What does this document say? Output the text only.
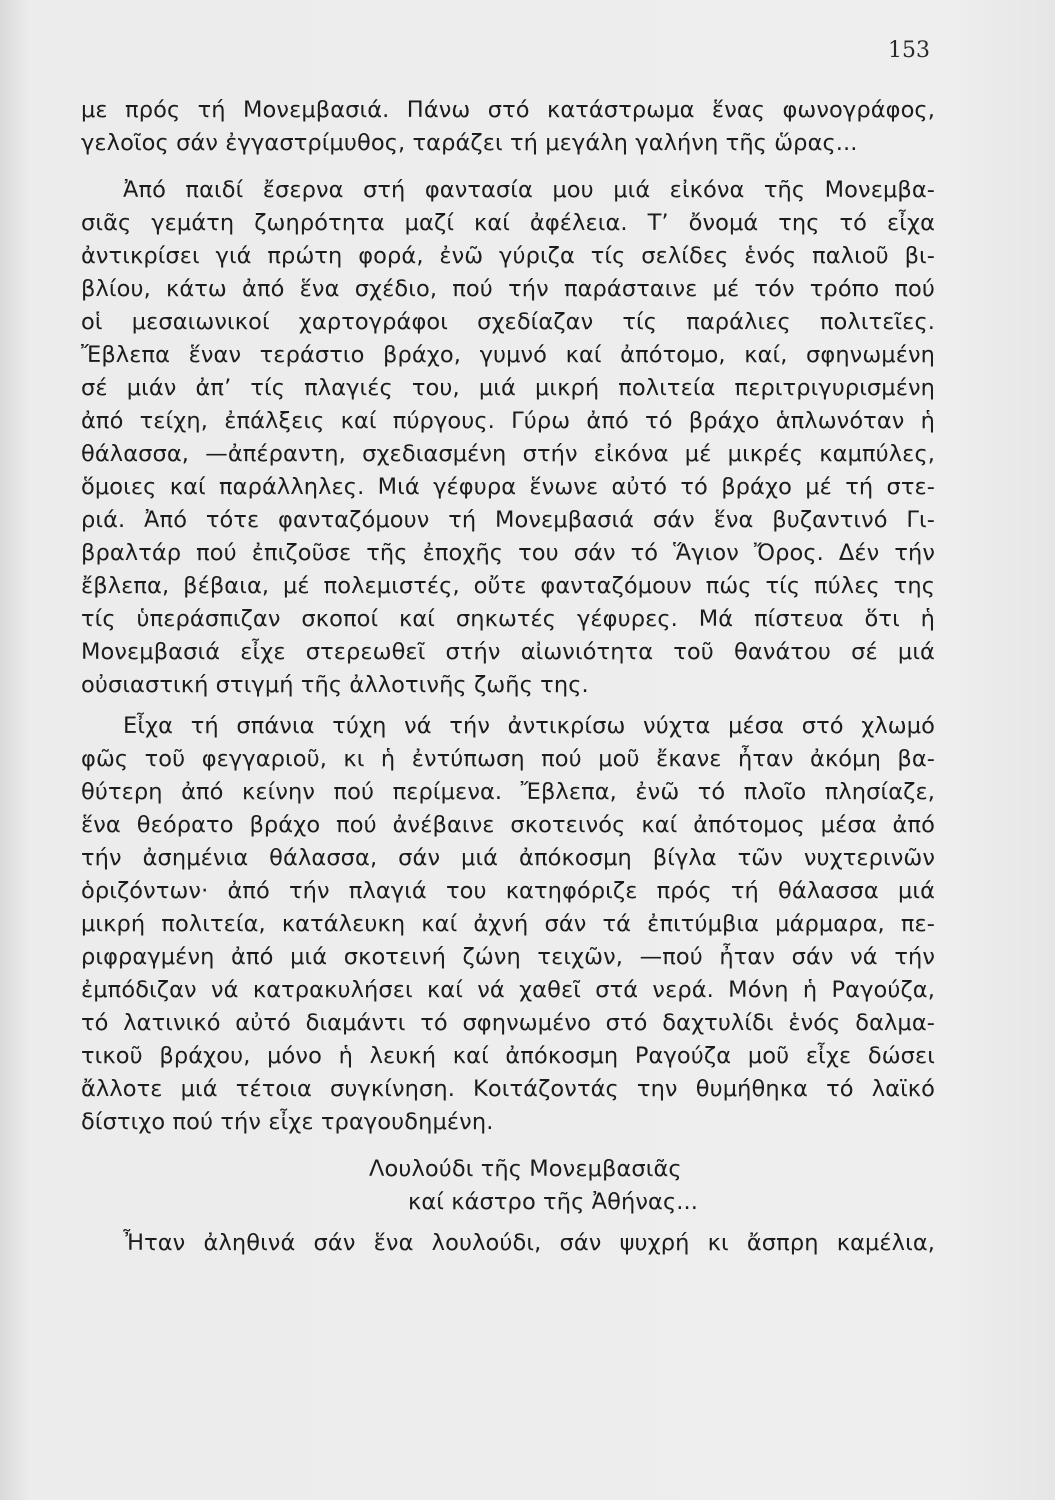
153
με πρός τή Μονεμβασιά. Πάνω στό κατάστρωμα ἕνας φωνογράφος,
γελοῖος σάν ἐγγαστρίμυθος, ταράζει τή μεγάλη γαλήνη τῆς ὥρας...
Ἀπό παιδί ἔσερνα στή φαντασία μου μιά εἰκόνα τῆς Μονεμβα-
σιᾶς γεμάτη ζωηρότητα μαζί καί ἀφέλεια. Τ’ ὄνομά της τό εἶχα
ἀντικρίσει γιά πρώτη φορά, ἐνῶ γύριζα τίς σελίδες ἑνός παλιοῦ βι-
βλίου, κάτω ἀπό ἕνα σχέδιο, πού τήν παράσταινε μέ τόν τρόπο πού
οἱ μεσαιωνικοί χαρτογράφοι σχεδίαζαν τίς παράλιες πολιτεῖες.
Ἔβλεπα ἕναν τεράστιο βράχο, γυμνό καί ἀπότομο, καί, σφηνωμένη
σέ μιάν ἀπ’ τίς πλαγιές του, μιά μικρή πολιτεία περιτριγυρισμένη
ἀπό τείχη, ἐπάλξεις καί πύργους. Γύρω ἀπό τό βράχο ἁπλωνόταν ἡ
θάλασσα, —ἀπέραντη, σχεδιασμένη στήν εἰκόνα μέ μικρές καμπύλες,
ὅμοιες καί παράλληλες. Μιά γέφυρα ἕνωνε αὐτό τό βράχο μέ τή στε-
ριά. Ἀπό τότε φανταζόμουν τή Μονεμβασιά σάν ἕνα βυζαντινό Γι-
βραλτάρ πού ἐπιζοῦσε τῆς ἐποχῆς του σάν τό Ἅγιον Ὄρος. Δέν τήν
ἔβλεπα, βέβαια, μέ πολεμιστές, οὔτε φανταζόμουν πώς τίς πύλες της
τίς ὑπεράσπιζαν σκοποί καί σηκωτές γέφυρες. Μά πίστευα ὅτι ἡ
Μονεμβασιά εἶχε στερεωθεῖ στήν αἰωνιότητα τοῦ θανάτου σέ μιά
οὐσιαστική στιγμή τῆς ἀλλοτινῆς ζωῆς της.
Εἶχα τή σπάνια τύχη νά τήν ἀντικρίσω νύχτα μέσα στό χλωμό
φῶς τοῦ φεγγαριοῦ, κι ἡ ἐντύπωση πού μοῦ ἔκανε ἦταν ἀκόμη βα-
θύτερη ἀπό κείνην πού περίμενα. Ἔβλεπα, ἐνῶ τό πλοῖο πλησίαζε,
ἕνα θεόρατο βράχο πού ἀνέβαινε σκοτεινός καί ἀπότομος μέσα ἀπό
τήν ἀσημένια θάλασσα, σάν μιά ἀπόκοσμη βίγλα τῶν νυχτερινῶν
ὁριζόντων· ἀπό τήν πλαγιά του κατηφόριζε πρός τή θάλασσα μιά
μικρή πολιτεία, κατάλευκη καί ἀχνή σάν τά ἐπιτύμβια μάρμαρα, πε-
ριφραγμένη ἀπό μιά σκοτεινή ζώνη τειχῶν, —πού ἦταν σάν νά τήν
ἐμπόδιζαν νά κατρακυλήσει καί νά χαθεῖ στά νερά. Μόνη ἡ Ραγούζα,
τό λατινικό αὐτό διαμάντι τό σφηνωμένο στό δαχτυλίδι ἑνός δαλμα-
τικοῦ βράχου, μόνο ἡ λευκή καί ἀπόκοσμη Ραγούζα μοῦ εἶχε δώσει
ἄλλοτε μιά τέτοια συγκίνηση. Κοιτάζοντάς την θυμήθηκα τό λαϊκό
δίστιχο πού τήν εἶχε τραγουδημένη.
Λουλούδι τῆς Μονεμβασιᾶς
καί κάστρο τῆς Ἀθήνας...
Ἦταν ἀληθινά σάν ἕνα λουλούδι, σάν ψυχρή κι ἄσπρη καμέλια,
